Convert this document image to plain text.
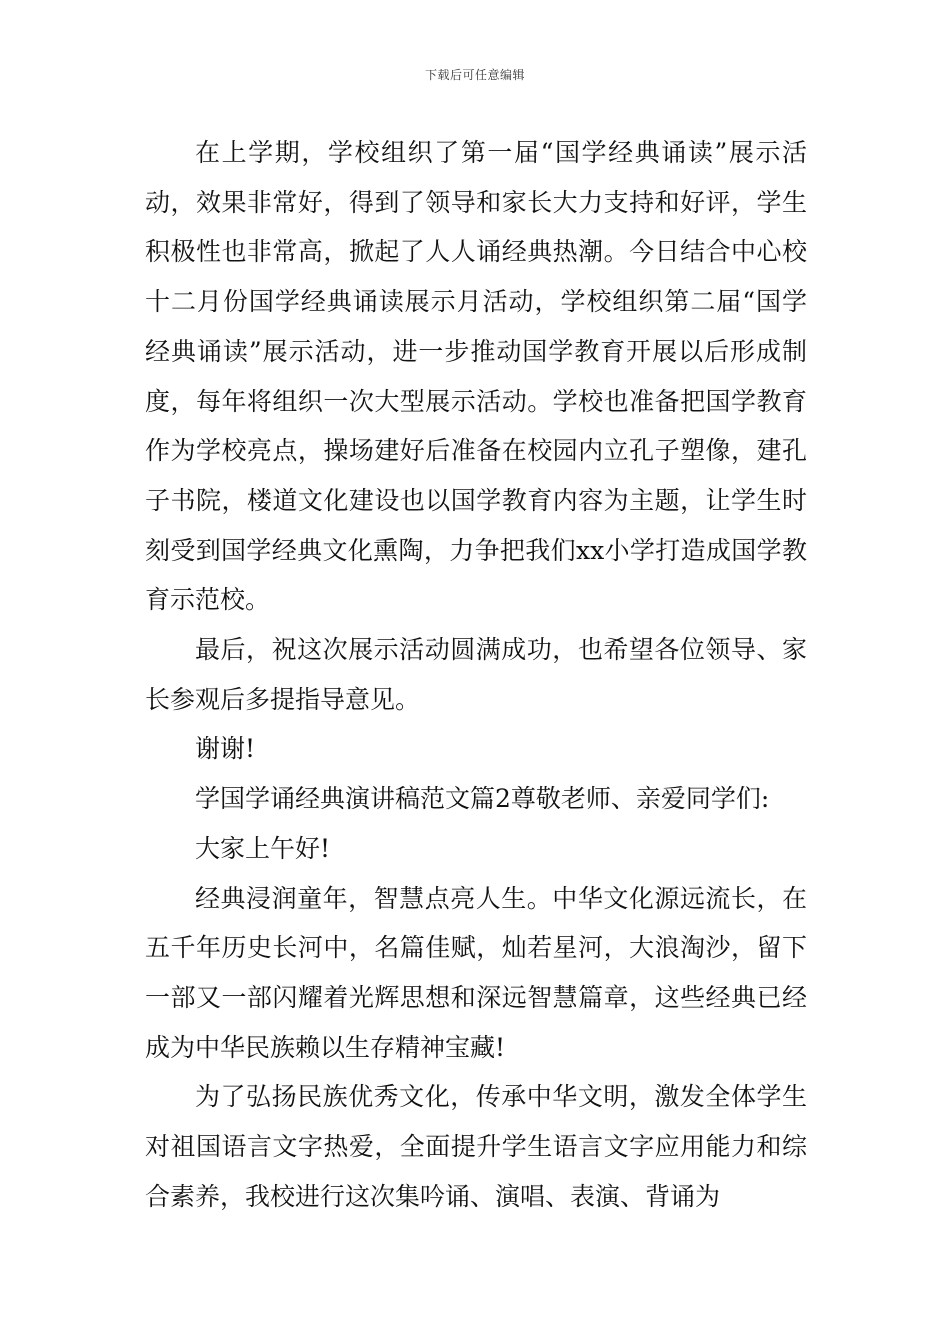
下载后可任意编辑

在上学期，学校组织了第一届“国学经典诵读”展示活动，效果非常好，得到了领导和家长大力支持和好评，学生积极性也非常高，掀起了人人诵经典热潮。今日结合中心校十二月份国学经典诵读展示月活动，学校组织第二届“国学经典诵读”展示活动，进一步推动国学教育开展以后形成制度，每年将组织一次大型展示活动。学校也准备把国学教育作为学校亮点，操场建好后准备在校园内立孔子塑像，建孔子书院，楼道文化建设也以国学教育内容为主题，让学生时刻受到国学经典文化熏陶，力争把我们xx小学打造成国学教育示范校。

最后，祝这次展示活动圆满成功，也希望各位领导、家长参观后多提指导意见。

谢谢!

学国学诵经典演讲稿范文篇2尊敬老师、亲爱同学们:

大家上午好!

经典浸润童年，智慧点亮人生。中华文化源远流长，在五千年历史长河中，名篇佳赋，灿若星河，大浪淘沙，留下一部又一部闪耀着光辉思想和深远智慧篇章，这些经典已经成为中华民族赖以生存精神宝藏!

为了弘扬民族优秀文化，传承中华文明，激发全体学生对祖国语言文字热爱，全面提升学生语言文字应用能力和综合素养，我校进行这次集吟诵、演唱、表演、背诵为
